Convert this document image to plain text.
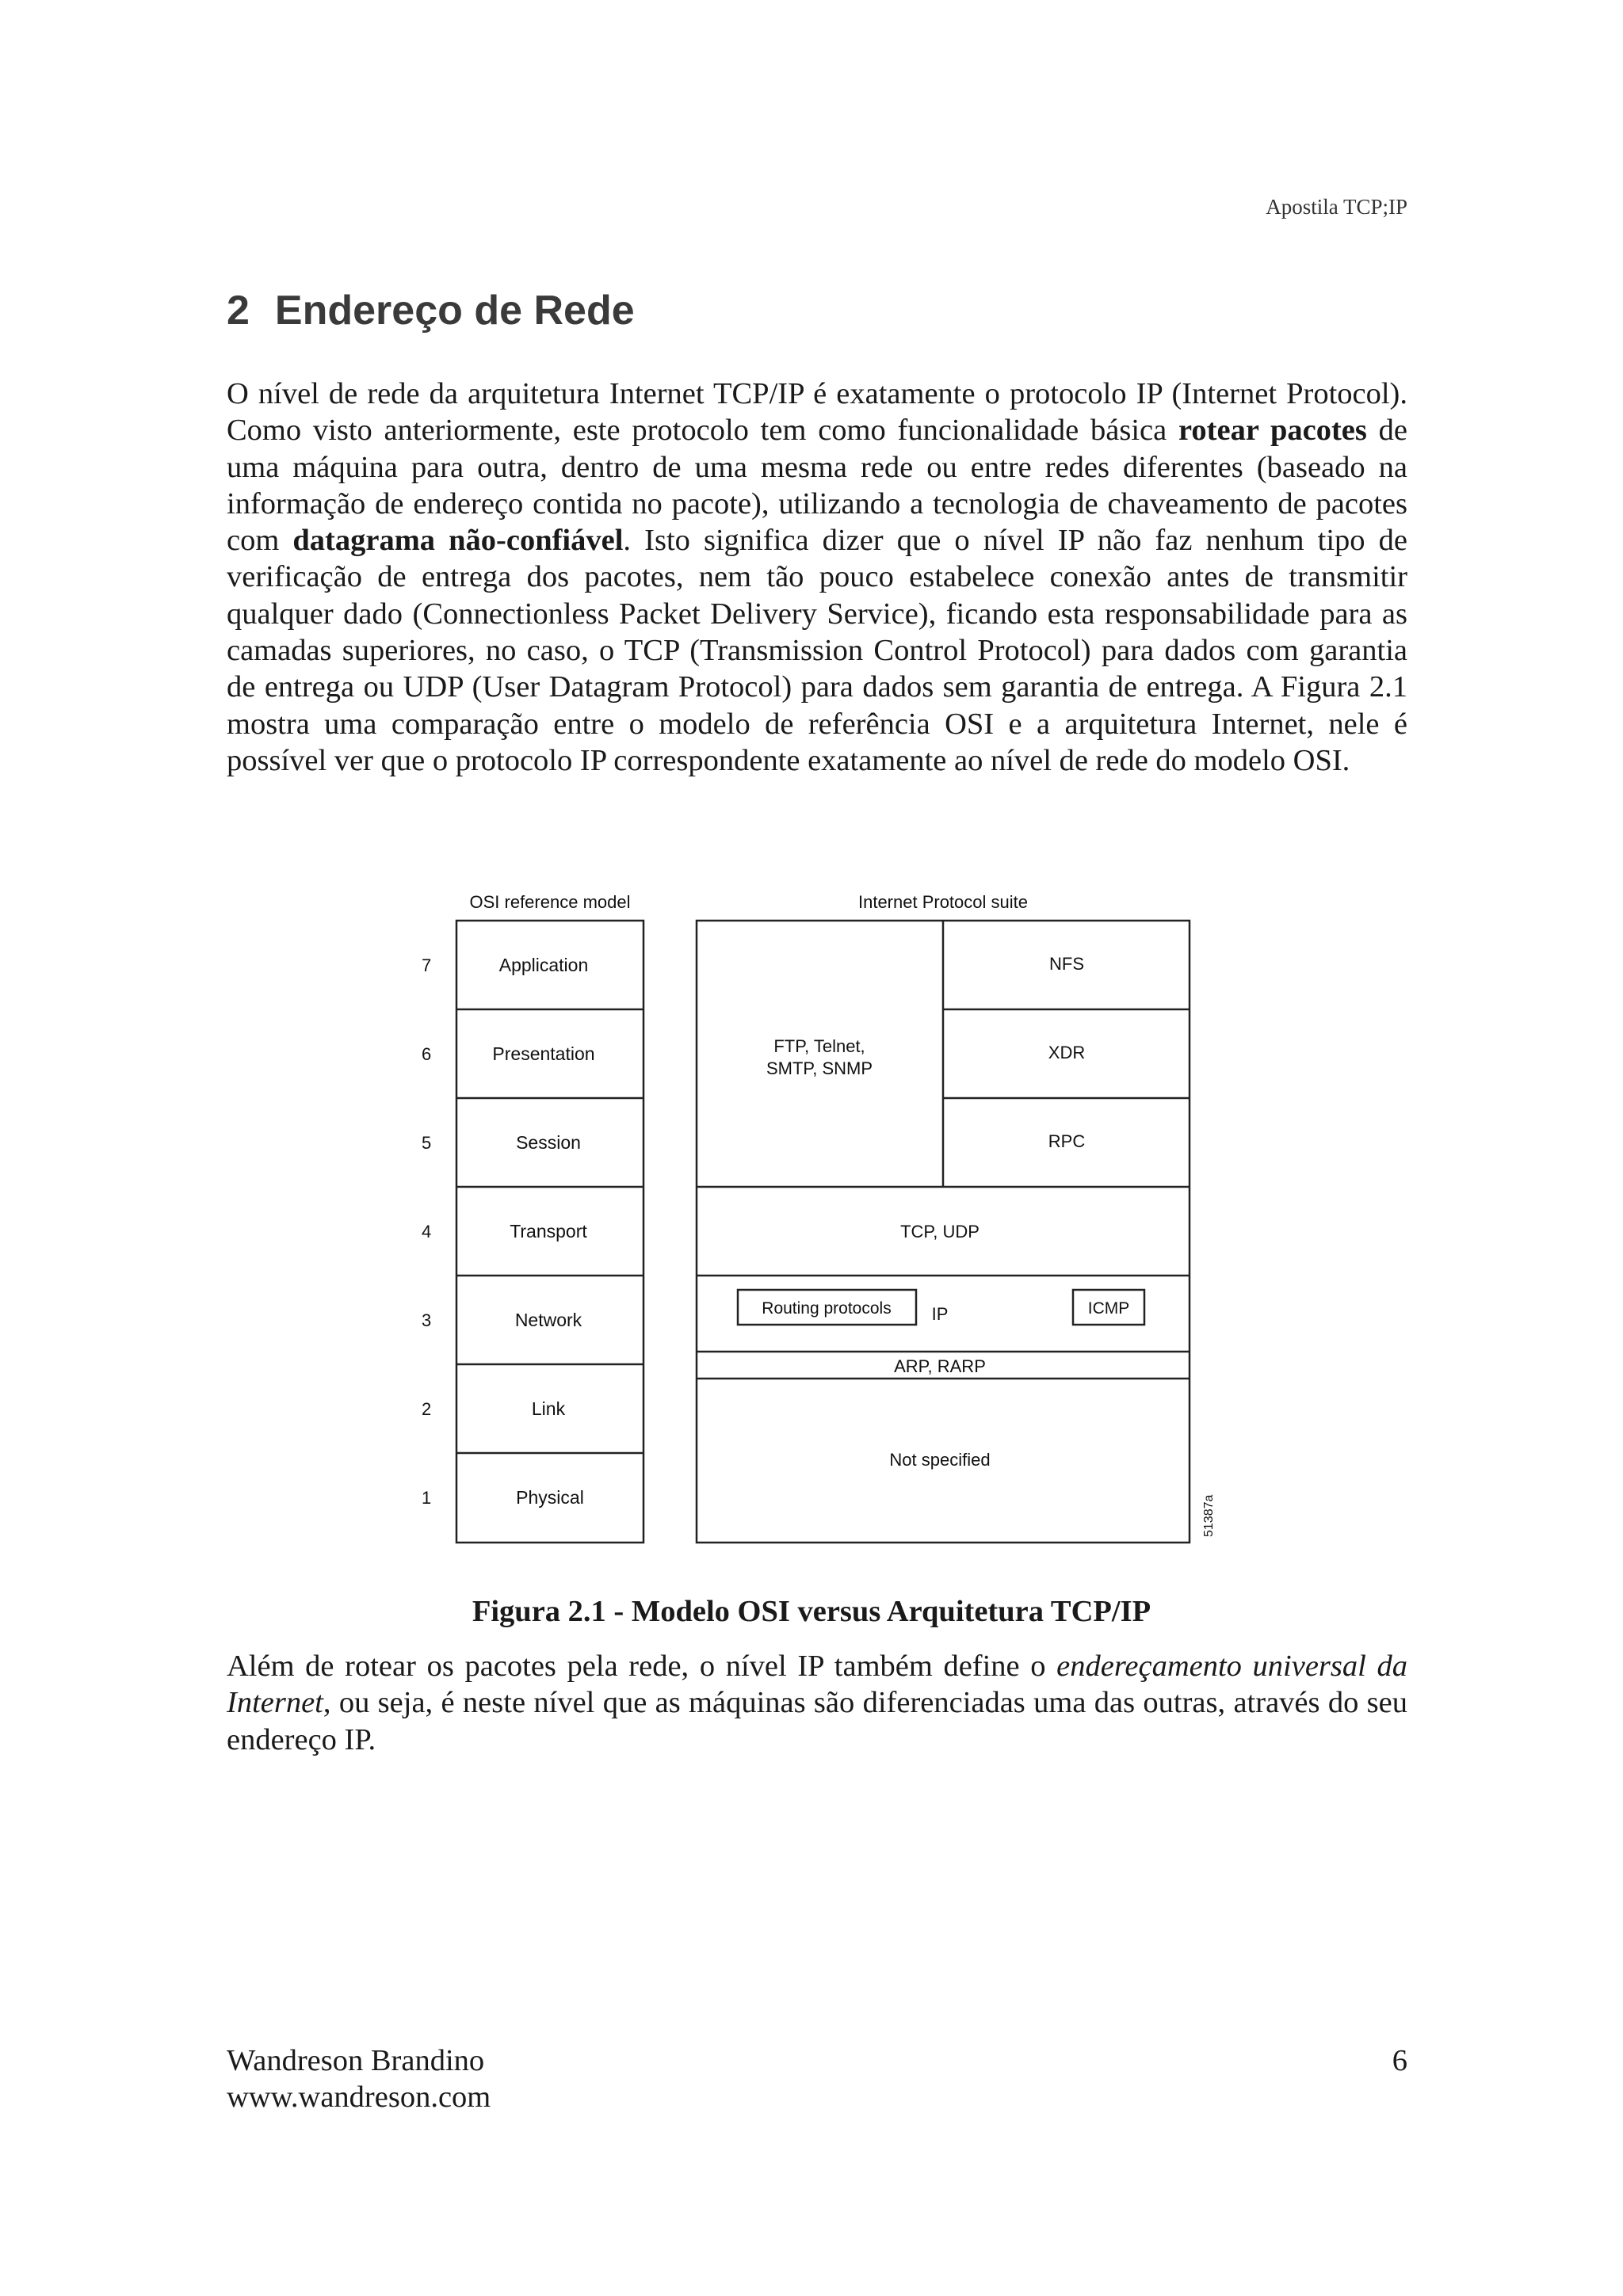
Apostila TCP;IP
2 Endereço de Rede

O nível de rede da arquitetura Internet TCP/IP é exatamente o protocolo IP (Internet Protocol). Como visto anteriormente, este protocolo tem como funcionalidade básica rotear pacotes de uma máquina para outra, dentro de uma mesma rede ou entre redes diferentes (baseado na informação de endereço contida no pacote), utilizando a tecnologia de chaveamento de pacotes com datagrama não-confiável. Isto significa dizer que o nível IP não faz nenhum tipo de verificação de entrega dos pacotes, nem tão pouco estabelece conexão antes de transmitir qualquer dado (Connectionless Packet Delivery Service), ficando esta responsabilidade para as camadas superiores, no caso, o TCP (Transmission Control Protocol) para dados com garantia de entrega ou UDP (User Datagram Protocol) para dados sem garantia de entrega. A Figura 2.1 mostra uma comparação entre o modelo de referência OSI e a arquitetura Internet, nele é possível ver que o protocolo IP correspondente exatamente ao nível de rede do modelo OSI.

OSI reference model	Internet Protocol suite
7
6
5
4
3
2
1
Application
Presentation
Session
Transport
Network
Link
Physical
FTP, Telnet,
SMTP, SNMP
NFS
XDR
RPC
TCP, UDP
Routing protocols IP	ICMP
ARP, RARP
Not specified
51387a

Figura 2.1 - Modelo OSI versus Arquitetura TCP/IP

Além de rotear os pacotes pela rede, o nível IP também define o endereçamento universal da Internet, ou seja, é neste nível que as máquinas são diferenciadas uma das outras, através do seu endereço IP.

Wandreson Brandino
www.wandreson.com
6
